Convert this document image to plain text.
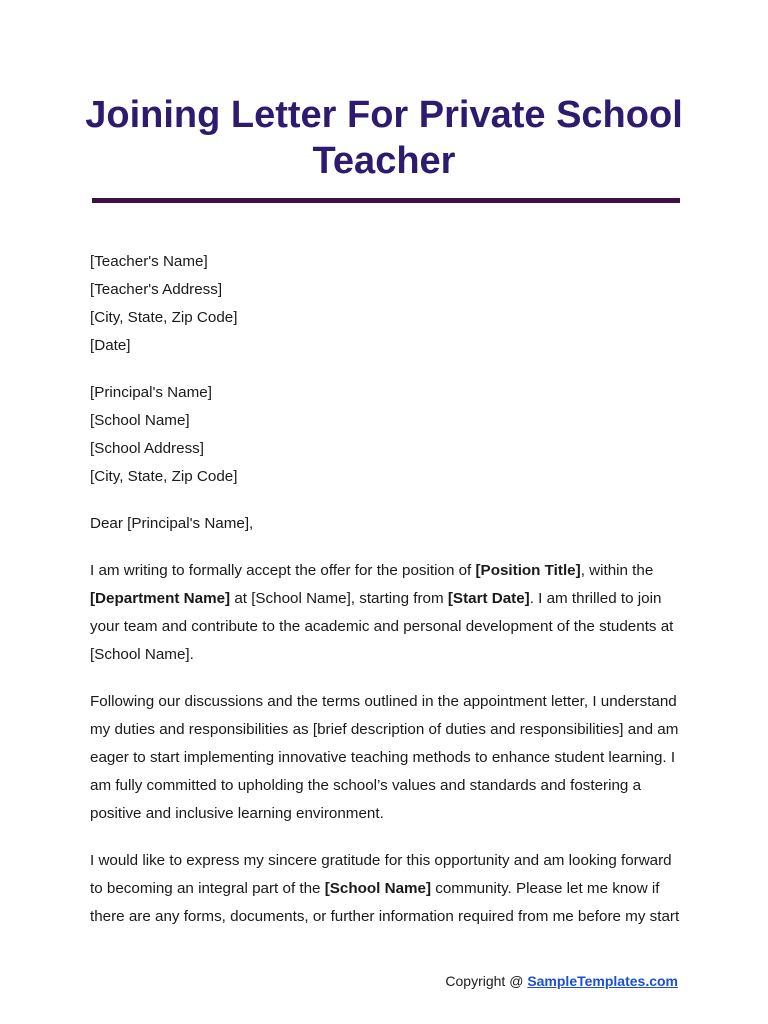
Joining Letter For Private School Teacher

[Teacher's Name]

[Teacher's Address]

[City, State, Zip Code]

[Date]

[Principal's Name]

[School Name]

[School Address]

[City, State, Zip Code]

Dear [Principal's Name],

I am writing to formally accept the offer for the position of [Position Title], within the [Department Name] at [School Name], starting from [Start Date]. I am thrilled to join your team and contribute to the academic and personal development of the students at [School Name].

Following our discussions and the terms outlined in the appointment letter, I understand my duties and responsibilities as [brief description of duties and responsibilities] and am eager to start implementing innovative teaching methods to enhance student learning. I am fully committed to upholding the school’s values and standards and fostering a positive and inclusive learning environment.

I would like to express my sincere gratitude for this opportunity and am looking forward to becoming an integral part of the [School Name] community. Please let me know if there are any forms, documents, or further information required from me before my start

Copyright @ SampleTemplates.com
